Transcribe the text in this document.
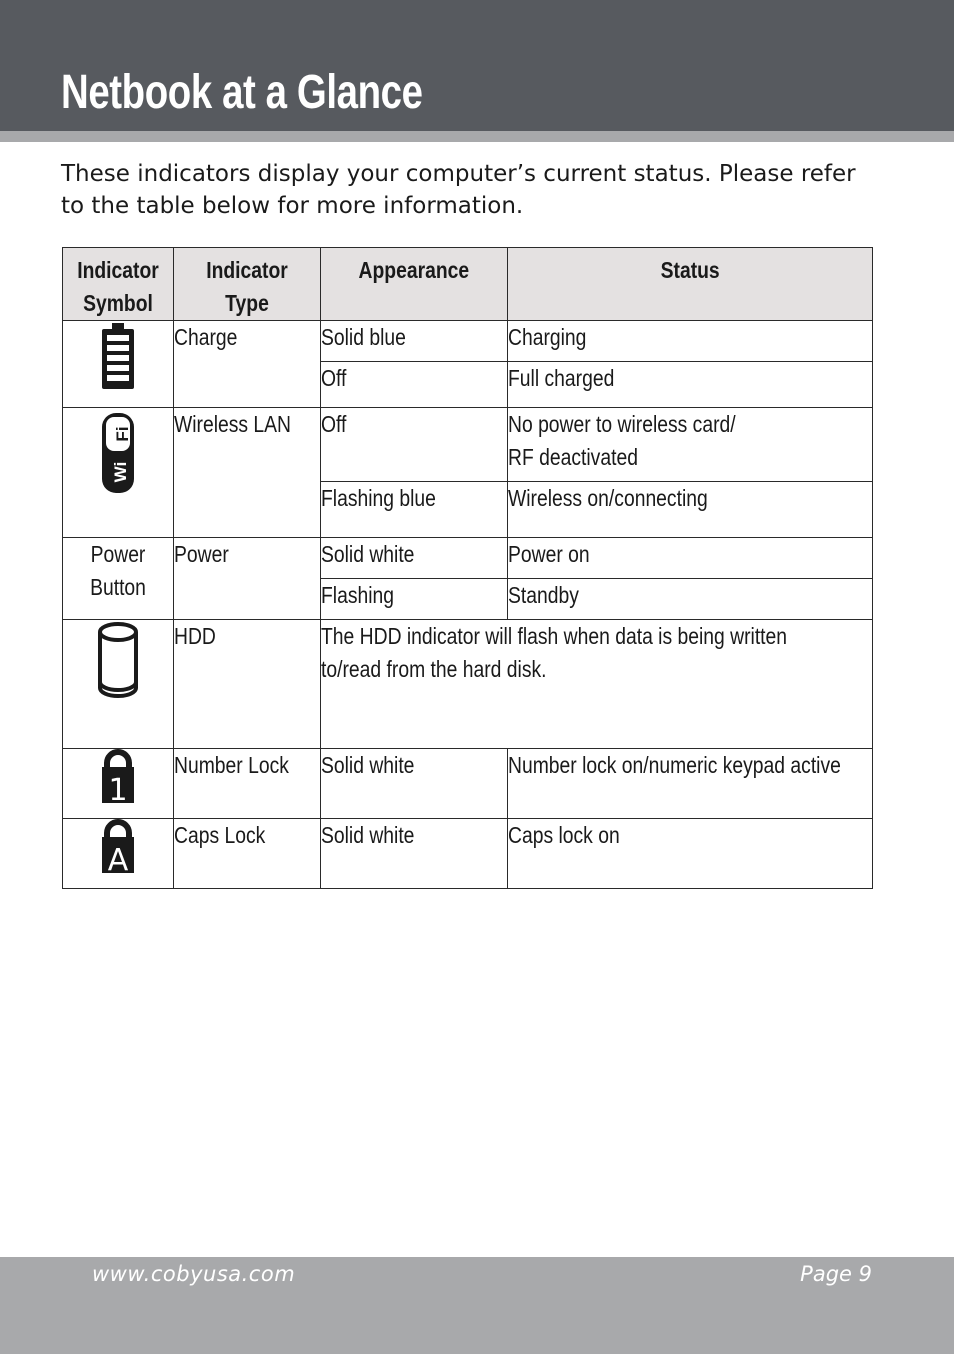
Netbook at a Glance

These indicators display your computer’s current status. Please refer to the table below for more information.

Indicator Symbol	Indicator Type	Appearance	Status

	Charge	Solid blue	Charging
		Off	Full charged

Fi
Wi	Wireless LAN	Off	No power to wireless card/
RF deactivated
		Flashing blue	Wireless on/connecting
Power Button	Power	Solid white	Power on
		Flashing	Standby

	HDD	The HDD indicator will flash when data is being written to/read from the hard disk.	

1	Number Lock	Solid white	Number lock on/numeric keypad active

A	Caps Lock	Solid white	Caps lock on
www.cobyusa.com	Page 9
